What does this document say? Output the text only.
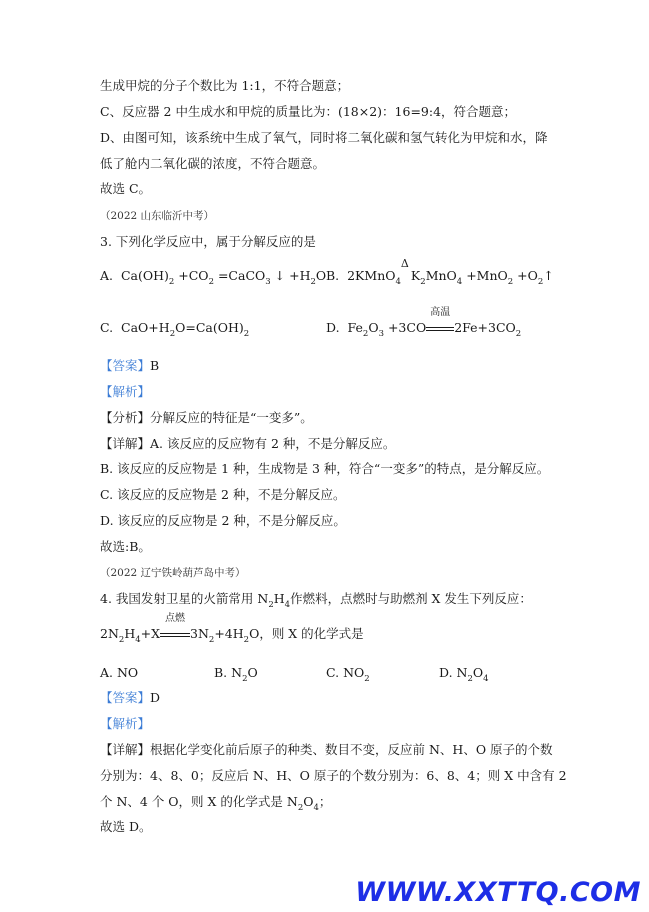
生成甲烷的分子个数比为 1:1，不符合题意；
C、反应器 2 中生成水和甲烷的质量比为：(18×2)：16=9:4，符合题意；
D、由图可知，该系统中生成了氧气，同时将二氧化碳和氢气转化为甲烷和水，降
低了舱内二氧化碳的浓度，不符合题意。
故选 C。
（2022 山东临沂中考）
3. 下列化学反应中，属于分解反应的是
A.  $Ca(OH)_2 +CO_2$ =CaCO$_3$ ↓ $+H_2O$ B.  2KMnO$_4$
Δ
$K_2MnO_4 +MnO_2$ $+O_2↑$
C.  $CaO+H_2O=Ca(OH)_2$	D.  $Fe_2O_3 +3CO$
高温
$2Fe+3CO_2$
【答案】B
【解析】
【分析】分解反应的特征是“一变多”。
【详解】A. 该反应的反应物有 2 种，不是分解反应。
B. 该反应的反应物是 1 种，生成物是 3 种，符合“一变多”的特点，是分解反应。
C. 该反应的反应物是 2 种，不是分解反应。
D. 该反应的反应物是 2 种，不是分解反应。
故选:B。
（2022 辽宁铁岭葫芦岛中考）
4. 我国发射卫星的火箭常用 $N_2H_4$作燃料，点燃时与助燃剂 X 发生下列反应：
$2N_2H_4+X$
点燃
$3N_2+4H_2O$，则 X 的化学式是
A. NO	B. $N_2O$	C. $NO_2$	D. $N_2O_4$
【答案】D
【解析】
【详解】根据化学变化前后原子的种类、数目不变，反应前 N、H、O 原子的个数
分别为：4、8、0；反应后 N、H、O 原子的个数分别为：6、8、4；则 X 中含有 2
个 N、4 个 O，则 X 的化学式是 $N_2O_4$；
故选 D。
WWW.XXTTQ.COM
